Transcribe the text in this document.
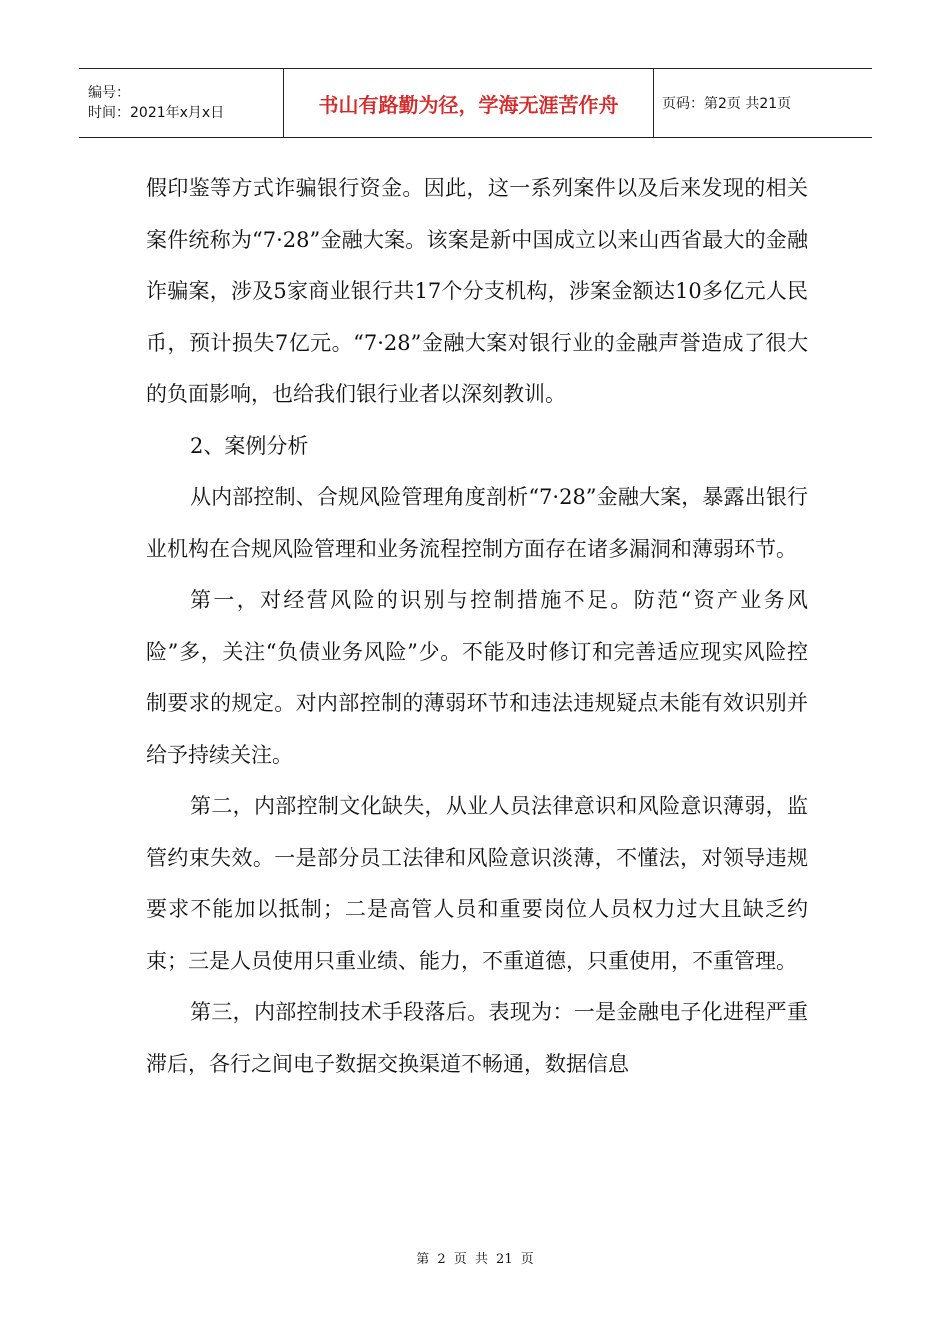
编号：
时间：2021年x月x日	书山有路勤为径，学海无涯苦作舟	页码：第2页 共21页

假印鉴等方式诈骗银行资金。因此，这一系列案件以及后来发现的相关案件统称为“7·28”金融大案。该案是新中国成立以来山西省最大的金融诈骗案，涉及5家商业银行共17个分支机构，涉案金额达10多亿元人民币，预计损失7亿元。“7·28”金融大案对银行业的金融声誉造成了很大的负面影响，也给我们银行业者以深刻教训。

2、案例分析

从内部控制、合规风险管理角度剖析“7·28”金融大案，暴露出银行业机构在合规风险管理和业务流程控制方面存在诸多漏洞和薄弱环节。

第一，对经营风险的识别与控制措施不足。防范“资产业务风险”多，关注“负债业务风险”少。不能及时修订和完善适应现实风险控制要求的规定。对内部控制的薄弱环节和违法违规疑点未能有效识别并给予持续关注。

第二，内部控制文化缺失，从业人员法律意识和风险意识薄弱，监管约束失效。一是部分员工法律和风险意识淡薄，不懂法，对领导违规要求不能加以抵制；二是高管人员和重要岗位人员权力过大且缺乏约束；三是人员使用只重业绩、能力，不重道德，只重使用，不重管理。

第三，内部控制技术手段落后。表现为：一是金融电子化进程严重滞后，各行之间电子数据交换渠道不畅通，数据信息

第 2 页 共 21 页
